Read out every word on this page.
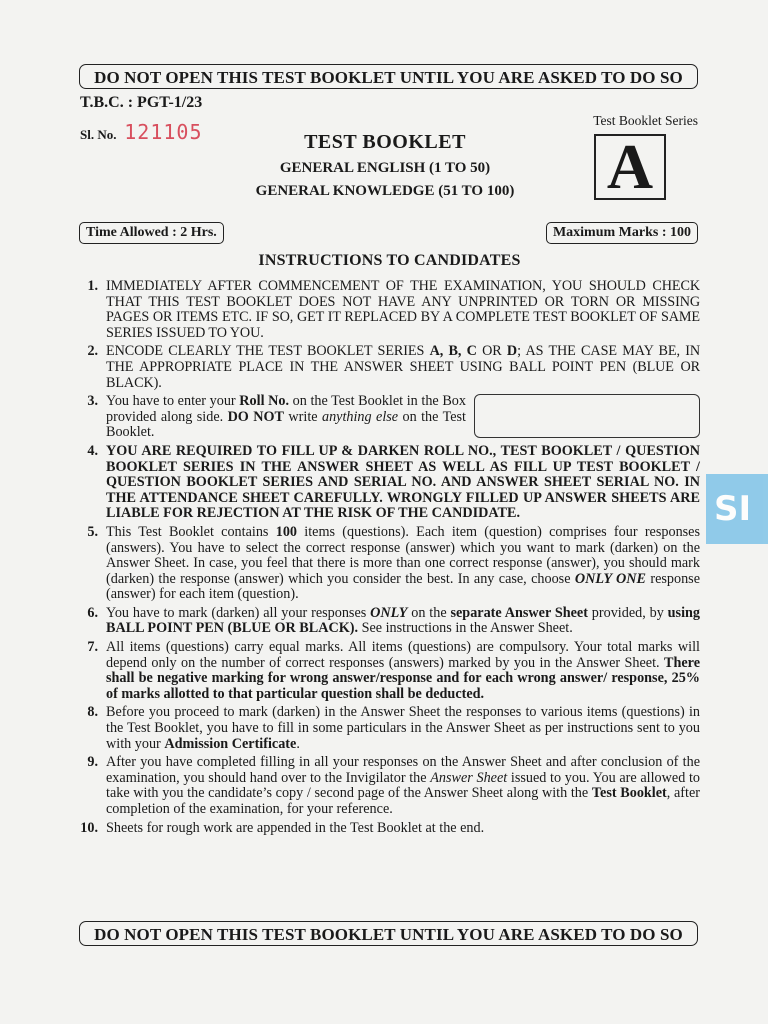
DO NOT OPEN THIS TEST BOOKLET UNTIL YOU ARE ASKED TO DO SO
T.B.C. : PGT-1/23
Sl. No. 121105	TEST BOOKLET
GENERAL ENGLISH (1 TO 50)
GENERAL KNOWLEDGE (51 TO 100)
Test Booklet Series
A
Time Allowed : 2 Hrs.	Maximum Marks : 100
INSTRUCTIONS TO CANDIDATES
1. IMMEDIATELY AFTER COMMENCEMENT OF THE EXAMINATION, YOU SHOULD CHECK THAT THIS TEST BOOKLET DOES NOT HAVE ANY UNPRINTED OR TORN OR MISSING PAGES OR ITEMS ETC. IF SO, GET IT REPLACED BY A COMPLETE TEST BOOKLET OF SAME SERIES ISSUED TO YOU.
2. ENCODE CLEARLY THE TEST BOOKLET SERIES A, B, C OR D; AS THE CASE MAY BE, IN THE APPROPRIATE PLACE IN THE ANSWER SHEET USING BALL POINT PEN (BLUE OR BLACK).
3. You have to enter your Roll No. on the Test Booklet in the Box provided along side. DO NOT write anything else on the Test Booklet.
4. YOU ARE REQUIRED TO FILL UP & DARKEN ROLL NO., TEST BOOKLET / QUESTION BOOKLET SERIES IN THE ANSWER SHEET AS WELL AS FILL UP TEST BOOKLET / QUESTION BOOKLET SERIES AND SERIAL NO. AND ANSWER SHEET SERIAL NO. IN THE ATTENDANCE SHEET CAREFULLY. WRONGLY FILLED UP ANSWER SHEETS ARE LIABLE FOR REJECTION AT THE RISK OF THE CANDIDATE.
5. This Test Booklet contains 100 items (questions). Each item (question) comprises four responses (answers). You have to select the correct response (answer) which you want to mark (darken) on the Answer Sheet. In case, you feel that there is more than one correct response (answer), you should mark (darken) the response (answer) which you consider the best. In any case, choose ONLY ONE response (answer) for each item (question).
6. You have to mark (darken) all your responses ONLY on the separate Answer Sheet provided, by using BALL POINT PEN (BLUE OR BLACK). See instructions in the Answer Sheet.
7. All items (questions) carry equal marks. All items (questions) are compulsory. Your total marks will depend only on the number of correct responses (answers) marked by you in the Answer Sheet. There shall be negative marking for wrong answer/response and for each wrong answer/ response, 25% of marks allotted to that particular question shall be deducted.
8. Before you proceed to mark (darken) in the Answer Sheet the responses to various items (questions) in the Test Booklet, you have to fill in some particulars in the Answer Sheet as per instructions sent to you with your Admission Certificate.
9. After you have completed filling in all your responses on the Answer Sheet and after conclusion of the examination, you should hand over to the Invigilator the Answer Sheet issued to you. You are allowed to take with you the candidate’s copy / second page of the Answer Sheet along with the Test Booklet, after completion of the examination, for your reference.
10. Sheets for rough work are appended in the Test Booklet at the end.
SI
DO NOT OPEN THIS TEST BOOKLET UNTIL YOU ARE ASKED TO DO SO
